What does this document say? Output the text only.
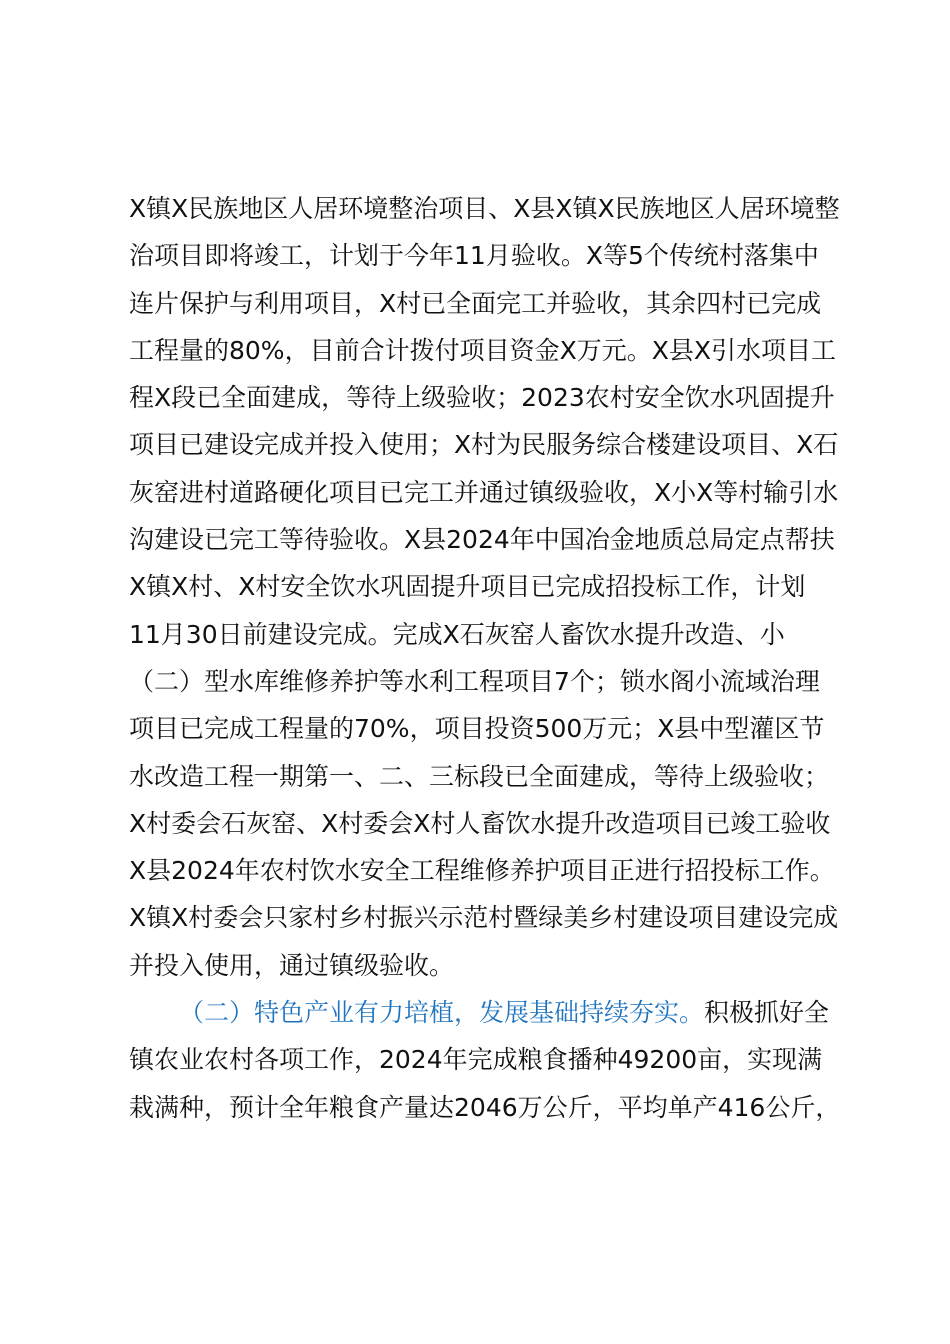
X镇X民族地区人居环境整治项目、X县X镇X民族地区人居环境整
治项目即将竣工，计划于今年11月验收。X等5个传统村落集中
连片保护与利用项目，X村已全面完工并验收，其余四村已完成
工程量的80%，目前合计拨付项目资金X万元。X县X引水项目工
程X段已全面建成，等待上级验收；2023农村安全饮水巩固提升
项目已建设完成并投入使用；X村为民服务综合楼建设项目、X石
灰窑进村道路硬化项目已完工并通过镇级验收，X小X等村输引水
沟建设已完工等待验收。X县2024年中国冶金地质总局定点帮扶
X镇X村、X村安全饮水巩固提升项目已完成招投标工作，计划
11月30日前建设完成。完成X石灰窑人畜饮水提升改造、小
（二）型水库维修养护等水利工程项目7个；锁水阁小流域治理
项目已完成工程量的70%，项目投资500万元；X县中型灌区节
水改造工程一期第一、二、三标段已全面建成，等待上级验收；
X村委会石灰窑、X村委会X村人畜饮水提升改造项目已竣工验收
X县2024年农村饮水安全工程维修养护项目正进行招投标工作。
X镇X村委会只家村乡村振兴示范村暨绿美乡村建设项目建设完成
并投入使用，通过镇级验收。

（二）特色产业有力培植，发展基础持续夯实。积极抓好全
镇农业农村各项工作，2024年完成粮食播种49200亩，实现满
栽满种，预计全年粮食产量达2046万公斤，平均单产416公斤，
